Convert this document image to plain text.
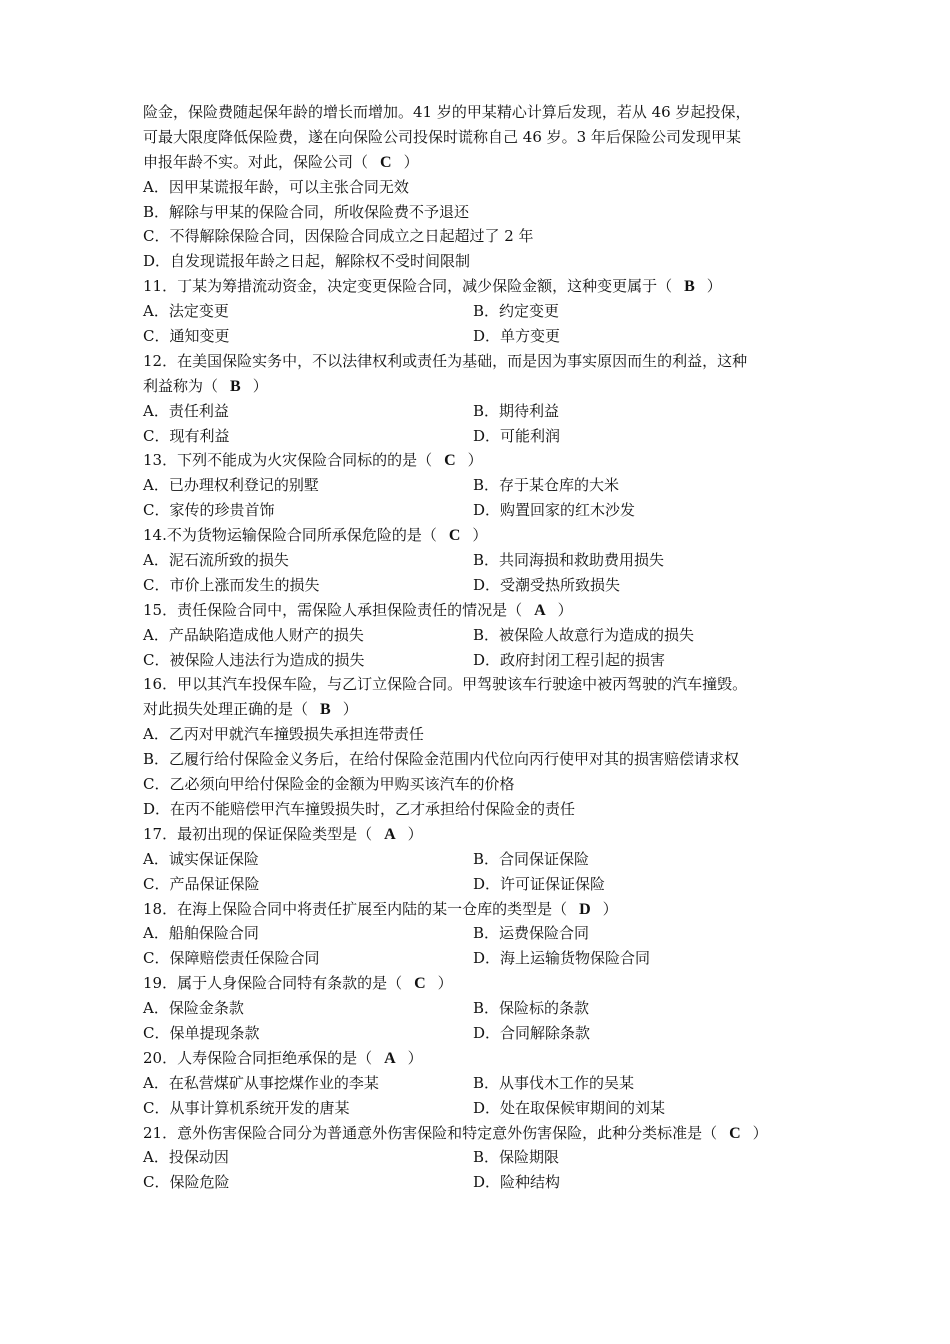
险金，保险费随起保年龄的增长而增加。41 岁的甲某精心计算后发现，若从 46 岁起投保，
可最大限度降低保险费，遂在向保险公司投保时谎称自己 46 岁。3 年后保险公司发现甲某
申报年龄不实。对此，保险公司（ C ）
A．因甲某谎报年龄，可以主张合同无效
B．解除与甲某的保险合同，所收保险费不予退还
C．不得解除保险合同，因保险合同成立之日起超过了 2 年
D．自发现谎报年龄之日起，解除权不受时间限制
11．丁某为筹措流动资金，决定变更保险合同，减少保险金额，这种变更属于（ B ）
A．法定变更	B．约定变更
C．通知变更	D．单方变更
12．在美国保险实务中，不以法律权利或责任为基础，而是因为事实原因而生的利益，这种
利益称为（ B ）
A．责任利益	B．期待利益
C．现有利益	D．可能利润
13．下列不能成为火灾保险合同标的的是（ C ）
A．已办理权利登记的别墅	B．存于某仓库的大米
C．家传的珍贵首饰	D．购置回家的红木沙发
14.不为货物运输保险合同所承保危险的是（ C ）
A．泥石流所致的损失	B．共同海损和救助费用损失
C．市价上涨而发生的损失	D．受潮受热所致损失
15．责任保险合同中，需保险人承担保险责任的情况是（ A ）
A．产品缺陷造成他人财产的损失	B．被保险人故意行为造成的损失
C．被保险人违法行为造成的损失	D．政府封闭工程引起的损害
16．甲以其汽车投保车险，与乙订立保险合同。甲驾驶该车行驶途中被丙驾驶的汽车撞毁。
对此损失处理正确的是（ B ）
A．乙丙对甲就汽车撞毁损失承担连带责任
B．乙履行给付保险金义务后，在给付保险金范围内代位向丙行使甲对其的损害赔偿请求权
C．乙必须向甲给付保险金的金额为甲购买该汽车的价格
D．在丙不能赔偿甲汽车撞毁损失时，乙才承担给付保险金的责任
17．最初出现的保证保险类型是（ A ）
A．诚实保证保险	B．合同保证保险
C．产品保证保险	D．许可证保证保险
18．在海上保险合同中将责任扩展至内陆的某一仓库的类型是（ D ）
A．船舶保险合同	B．运费保险合同
C．保障赔偿责任保险合同	D．海上运输货物保险合同
19．属于人身保险合同特有条款的是（ C ）
A．保险金条款	B．保险标的条款
C．保单提现条款	D．合同解除条款
20．人寿保险合同拒绝承保的是（ A ）
A．在私营煤矿从事挖煤作业的李某	B．从事伐木工作的吴某
C．从事计算机系统开发的唐某	D．处在取保候审期间的刘某
21．意外伤害保险合同分为普通意外伤害保险和特定意外伤害保险，此种分类标准是（ C ）
A．投保动因	B．保险期限
C．保险危险	D．险种结构
